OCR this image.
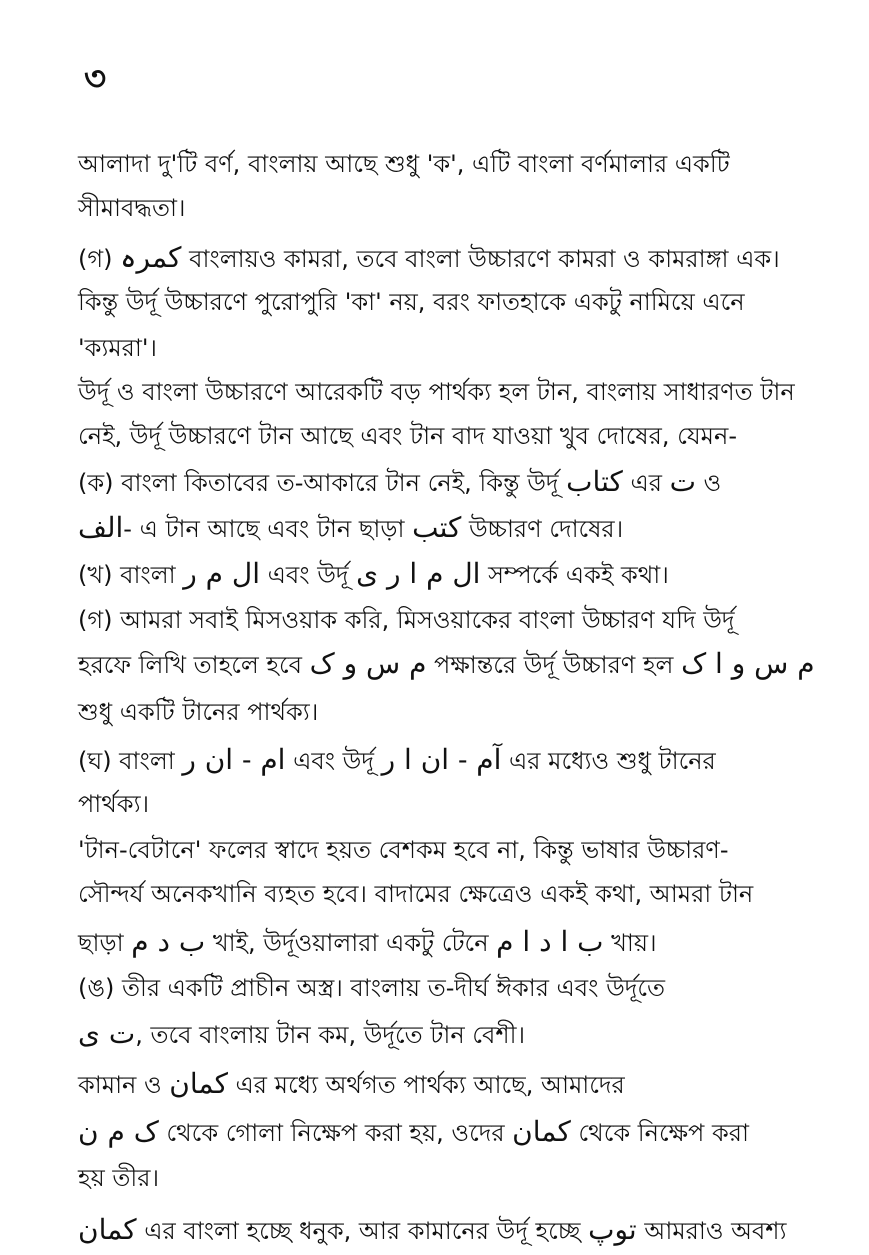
৩
আলাদা দু'টি বর্ণ, বাংলায় আছে শুধু 'ক', এটি বাংলা বর্ণমালার একটি
সীমাবদ্ধতা।
(গ) کمرہ বাংলায়ও কামরা, তবে বাংলা উচ্চারণে কামরা ও কামরাঙ্গা এক।
কিন্তু উর্দূ উচ্চারণে পুরোপুরি 'কা' নয়, বরং ফাতহাকে একটু নামিয়ে এনে
'ক্যমরা'।
উর্দূ ও বাংলা উচ্চারণে আরেকটি বড় পার্থক্য হল টান, বাংলায় সাধারণত টান
নেই, উর্দূ উচ্চারণে টান আছে এবং টান বাদ যাওয়া খুব দোষের, যেমন-
(ক) বাংলা কিতাবের ত-আকারে টান নেই, কিন্তু উর্দূ کتاب এর ت ও
الف- এ টান আছে এবং টান ছাড়া کتب উচ্চারণ দোষের।
(খ) বাংলা ال م ر এবং উর্দূ ال م ا ر ی সম্পর্কে একই কথা।
(গ) আমরা সবাই মিসওয়াক করি, মিসওয়াকের বাংলা উচ্চারণ যদি উর্দূ
হরফে লিখি তাহলে হবে م س و ک পক্ষান্তরে উর্দূ উচ্চারণ হল م س و ا ک
শুধু একটি টানের পার্থক্য।
(ঘ) বাংলা ام - ان ر এবং উর্দূ آم - ان ا ر এর মধ্যেও শুধু টানের
পার্থক্য।
'টান-বেটানে' ফলের স্বাদে হয়ত বেশকম হবে না, কিন্তু ভাষার উচ্চারণ-
সৌন্দর্য অনেকখানি ব্যহত হবে। বাদামের ক্ষেত্রেও একই কথা, আমরা টান
ছাড়া ب د م খাই, উর্দূওয়ালারা একটু টেনে ب ا د ا م খায়।
(ঙ) তীর একটি প্রাচীন অস্ত্র। বাংলায় ত-দীর্ঘ ঈকার এবং উর্দূতে
ت ی, তবে বাংলায় টান কম, উর্দূতে টান বেশী।
কামান ও کمان এর মধ্যে অর্থগত পার্থক্য আছে, আমাদের
ک م ن থেকে গোলা নিক্ষেপ করা হয়, ওদের کمان থেকে নিক্ষেপ করা
হয় তীর।
کمان এর বাংলা হচ্ছে ধনুক, আর কামানের উর্দূ হচ্ছে توپ আমরাও অবশ্য
